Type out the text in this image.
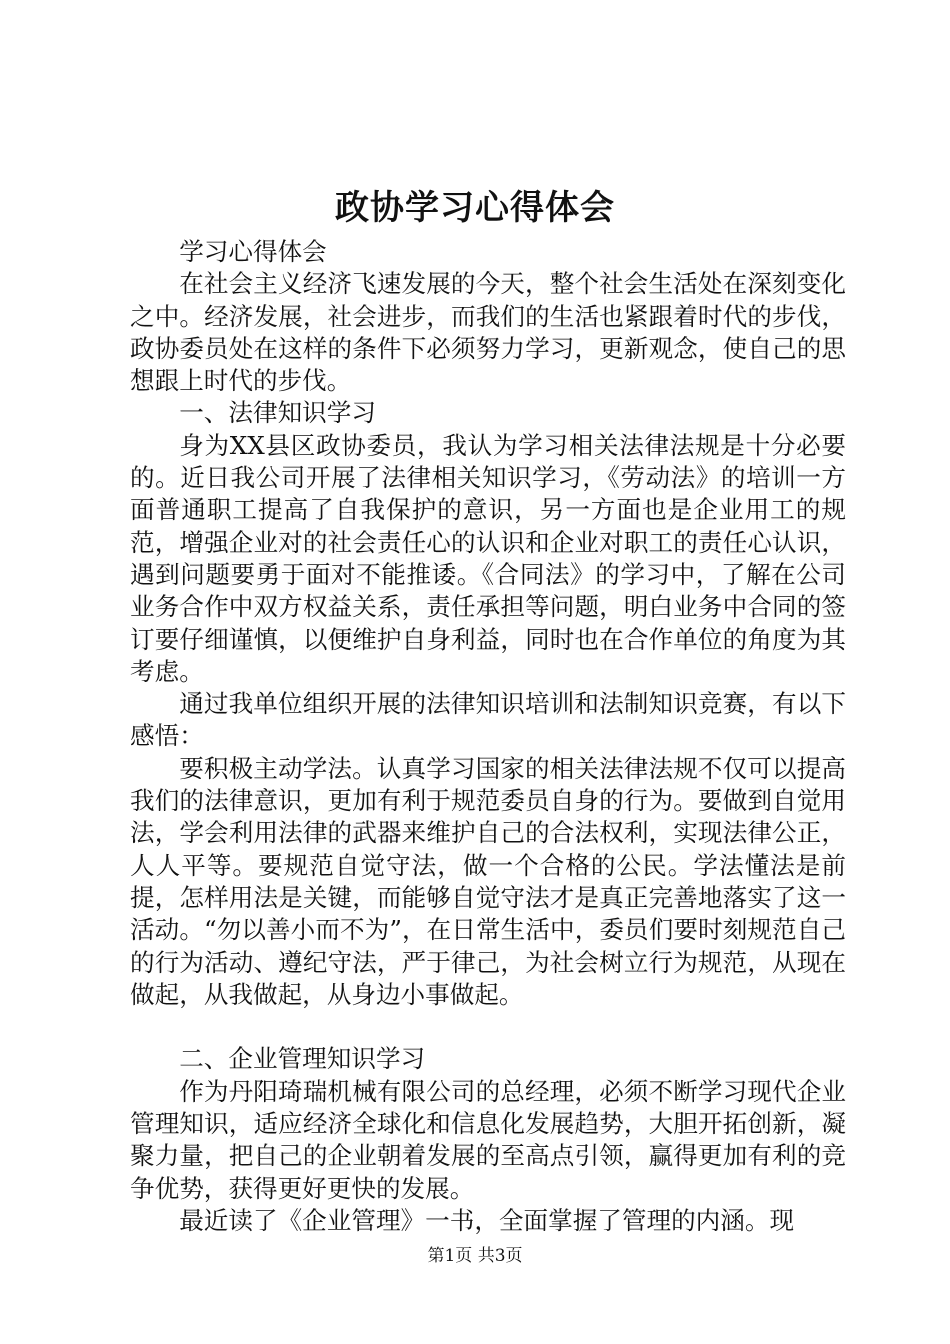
政协学习心得体会

学习心得体会

在社会主义经济飞速发展的今天，整个社会生活处在深刻变化之中。经济发展，社会进步，而我们的生活也紧跟着时代的步伐，政协委员处在这样的条件下必须努力学习，更新观念，使自己的思想跟上时代的步伐。

一、法律知识学习

身为XX县区政协委员，我认为学习相关法律法规是十分必要的。近日我公司开展了法律相关知识学习，《劳动法》的培训一方面普通职工提高了自我保护的意识，另一方面也是企业用工的规范，增强企业对的社会责任心的认识和企业对职工的责任心认识，遇到问题要勇于面对不能推诿。《合同法》的学习中，了解在公司业务合作中双方权益关系，责任承担等问题，明白业务中合同的签订要仔细谨慎，以便维护自身利益，同时也在合作单位的角度为其考虑。

通过我单位组织开展的法律知识培训和法制知识竞赛，有以下感悟：

要积极主动学法。认真学习国家的相关法律法规不仅可以提高我们的法律意识，更加有利于规范委员自身的行为。要做到自觉用法，学会利用法律的武器来维护自己的合法权利，实现法律公正，人人平等。要规范自觉守法，做一个合格的公民。学法懂法是前提，怎样用法是关键，而能够自觉守法才是真正完善地落实了这一活动。“勿以善小而不为”，在日常生活中，委员们要时刻规范自己的行为活动、遵纪守法，严于律己，为社会树立行为规范，从现在做起，从我做起，从身边小事做起。

二、企业管理知识学习

作为丹阳琦瑞机械有限公司的总经理，必须不断学习现代企业管理知识，适应经济全球化和信息化发展趋势，大胆开拓创新，凝聚力量，把自己的企业朝着发展的至高点引领，赢得更加有利的竞争优势，获得更好更快的发展。

最近读了《企业管理》一书，全面掌握了管理的内涵。现

第1页 共3页
